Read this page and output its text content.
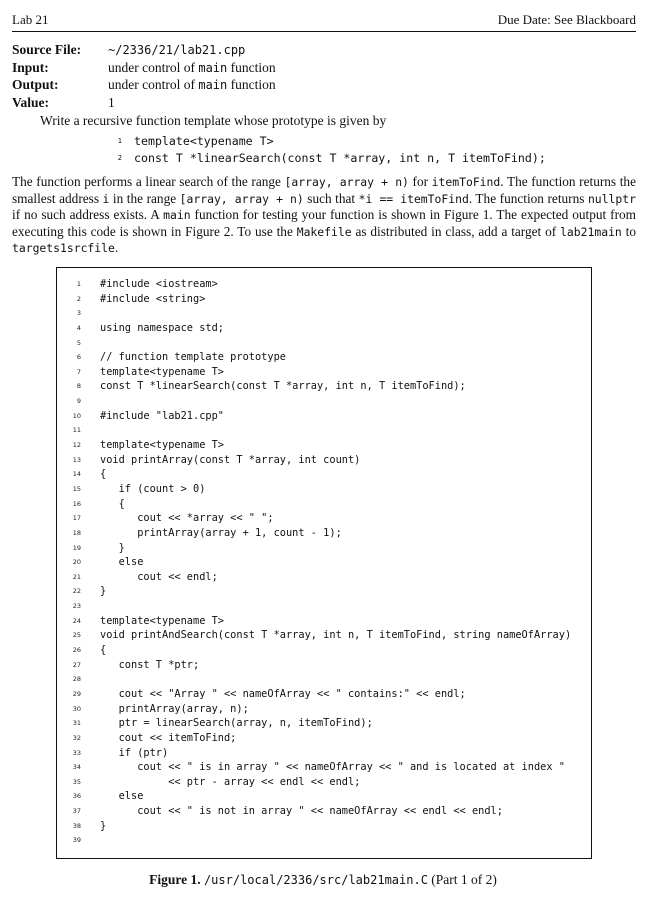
Lab 21	Due Date: See Blackboard
Source File: ~/2336/21/lab21.cpp
Input:	under control of main function
Output:	under control of main function
Value:	1
Write a recursive function template whose prototype is given by
1 template<typename T>
2 const T *linearSearch(const T *array, int n, T itemToFind);
The function performs a linear search of the range [array, array + n) for itemToFind. The function returns the smallest address i in the range [array, array + n) such that *i == itemToFind. The function returns nullptr if no such address exists. A main function for testing your function is shown in Figure 1. The expected output from executing this code is shown in Figure 2. To use the Makefile as distributed in class, add a target of lab21main to targets1srcfile.
1 #include <iostream>
2 #include <string>
3
4 using namespace std;
5
6 // function template prototype
7 template<typename T>
8 const T *linearSearch(const T *array, int n, T itemToFind);
9
10 #include "lab21.cpp"
11
12 template<typename T>
13 void printArray(const T *array, int count)
14 {
15 if (count > 0)
16 {
17 cout << *array << " ";
18 printArray(array + 1, count - 1);
19 }
20 else
21 cout << endl;
22 }
23
24 template<typename T>
25 void printAndSearch(const T *array, int n, T itemToFind, string nameOfArray)
26 {
27 const T *ptr;
28
29 cout << "Array " << nameOfArray << " contains:" << endl;
30 printArray(array, n);
31 ptr = linearSearch(array, n, itemToFind);
32 cout << itemToFind;
33 if (ptr)
34 cout << " is in array " << nameOfArray << " and is located at index "
35 << ptr - array << endl << endl;
36 else
37 cout << " is not in array " << nameOfArray << endl << endl;
38 }
39
Figure 1. /usr/local/2336/src/lab21main.C (Part 1 of 2)
